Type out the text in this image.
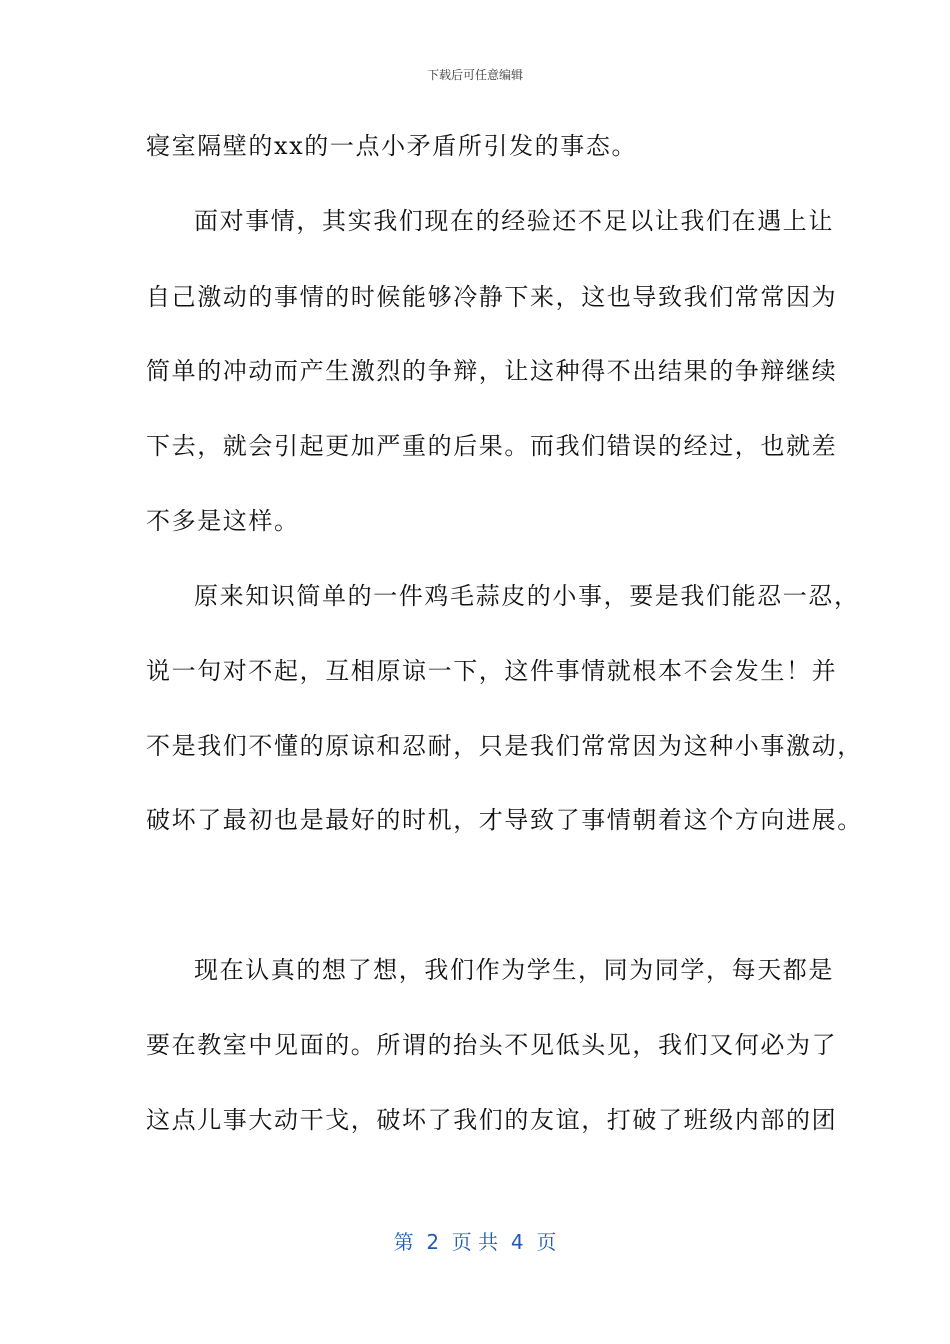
下载后可任意编辑
寝室隔壁的xx的一点小矛盾所引发的事态。
面对事情，其实我们现在的经验还不足以让我们在遇上让
自己激动的事情的时候能够冷静下来，这也导致我们常常因为
简单的冲动而产生激烈的争辩，让这种得不出结果的争辩继续
下去，就会引起更加严重的后果。而我们错误的经过，也就差
不多是这样。
原来知识简单的一件鸡毛蒜皮的小事，要是我们能忍一忍，
说一句对不起，互相原谅一下，这件事情就根本不会发生！并
不是我们不懂的原谅和忍耐，只是我们常常因为这种小事激动，
破坏了最初也是最好的时机，才导致了事情朝着这个方向进展。
现在认真的想了想，我们作为学生，同为同学，每天都是
要在教室中见面的。所谓的抬头不见低头见，我们又何必为了
这点儿事大动干戈，破坏了我们的友谊，打破了班级内部的团
第  2  页 共  4  页
